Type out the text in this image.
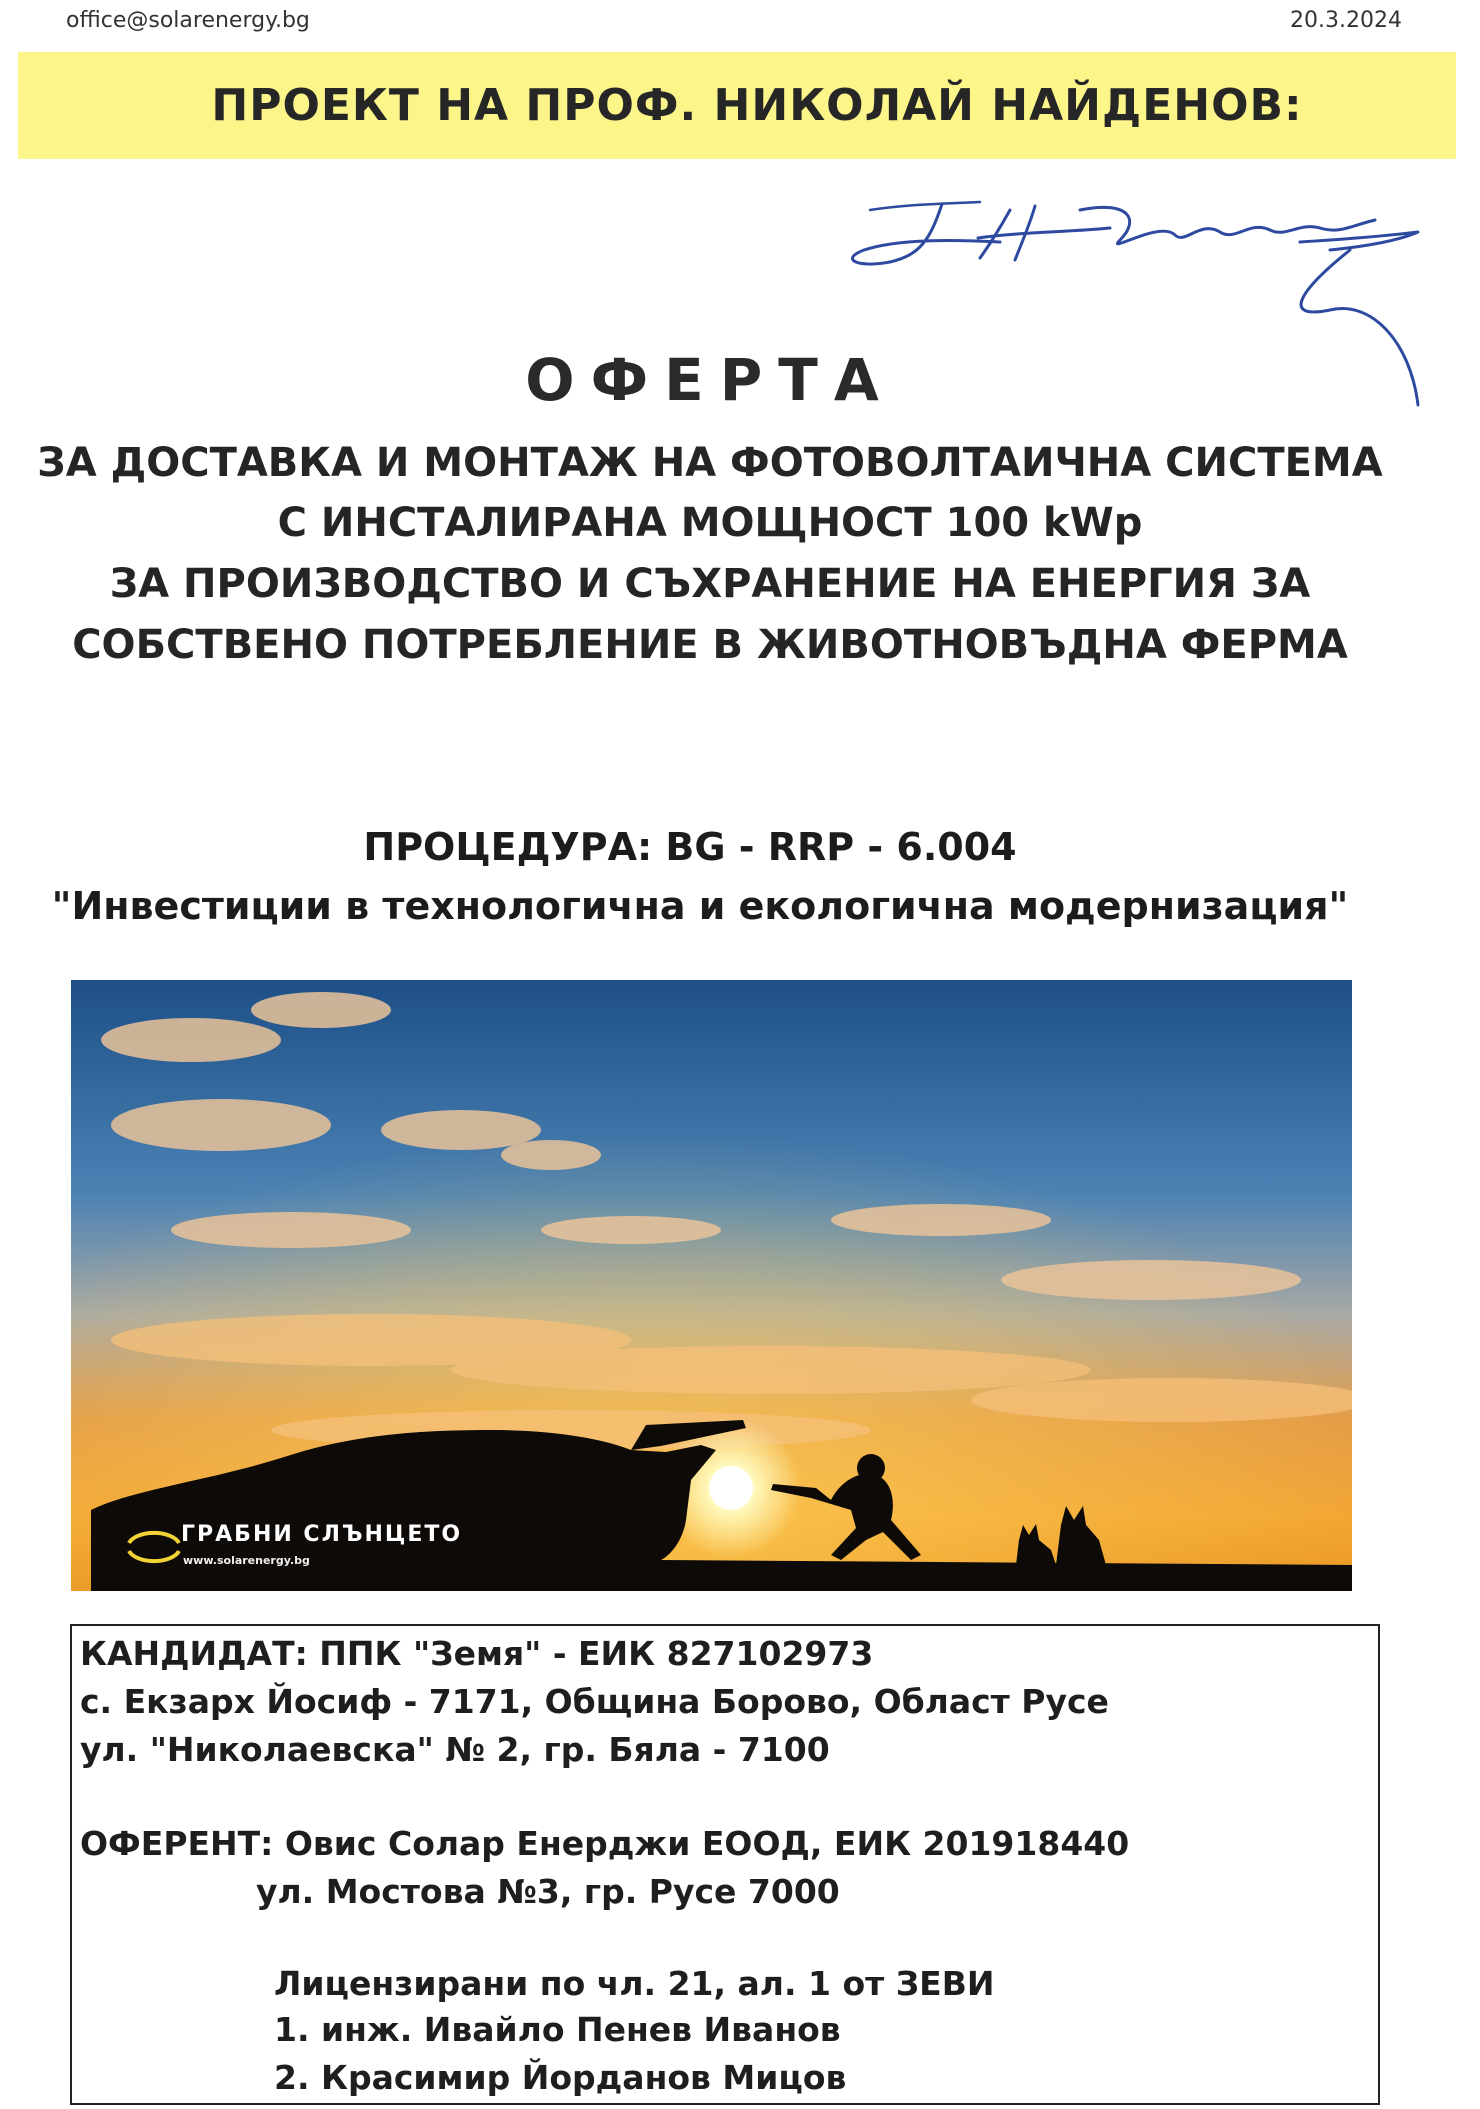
office@solarenergy.bg	20.3.2024
ПРОЕКТ НА ПРОФ. НИКОЛАЙ НАЙДЕНОВ:
ОФЕРТА
ЗА ДОСТАВКА И МОНТАЖ НА ФОТОВОЛТАИЧНА СИСТЕМА
С ИНСТАЛИРАНА МОЩНОСТ 100 kWp
ЗА ПРОИЗВОДСТВО И СЪХРАНЕНИЕ НА ЕНЕРГИЯ ЗА
СОБСТВЕНО ПОТРЕБЛЕНИЕ В ЖИВОТНОВЪДНА ФЕРМА
ПРОЦЕДУРА: BG - RRP - 6.004
"Инвестиции в технологична и екологична модернизация"
ГРАБНИ СЛЪНЦЕТО
www.solarenergy.bg
КАНДИДАТ: ППК "Земя" - ЕИК 827102973
с. Екзарх Йосиф - 7171, Община Борово, Област Русе
ул. "Николаевска" № 2, гр. Бяла - 7100
ОФЕРЕНТ: Овис Солар Енерджи ЕООД, ЕИК 201918440
ул. Мостова №3, гр. Русе 7000
Лицензирани по чл. 21, ал. 1 от ЗЕВИ
1. инж. Ивайло Пенев Иванов
2. Красимир Йорданов Мицов
